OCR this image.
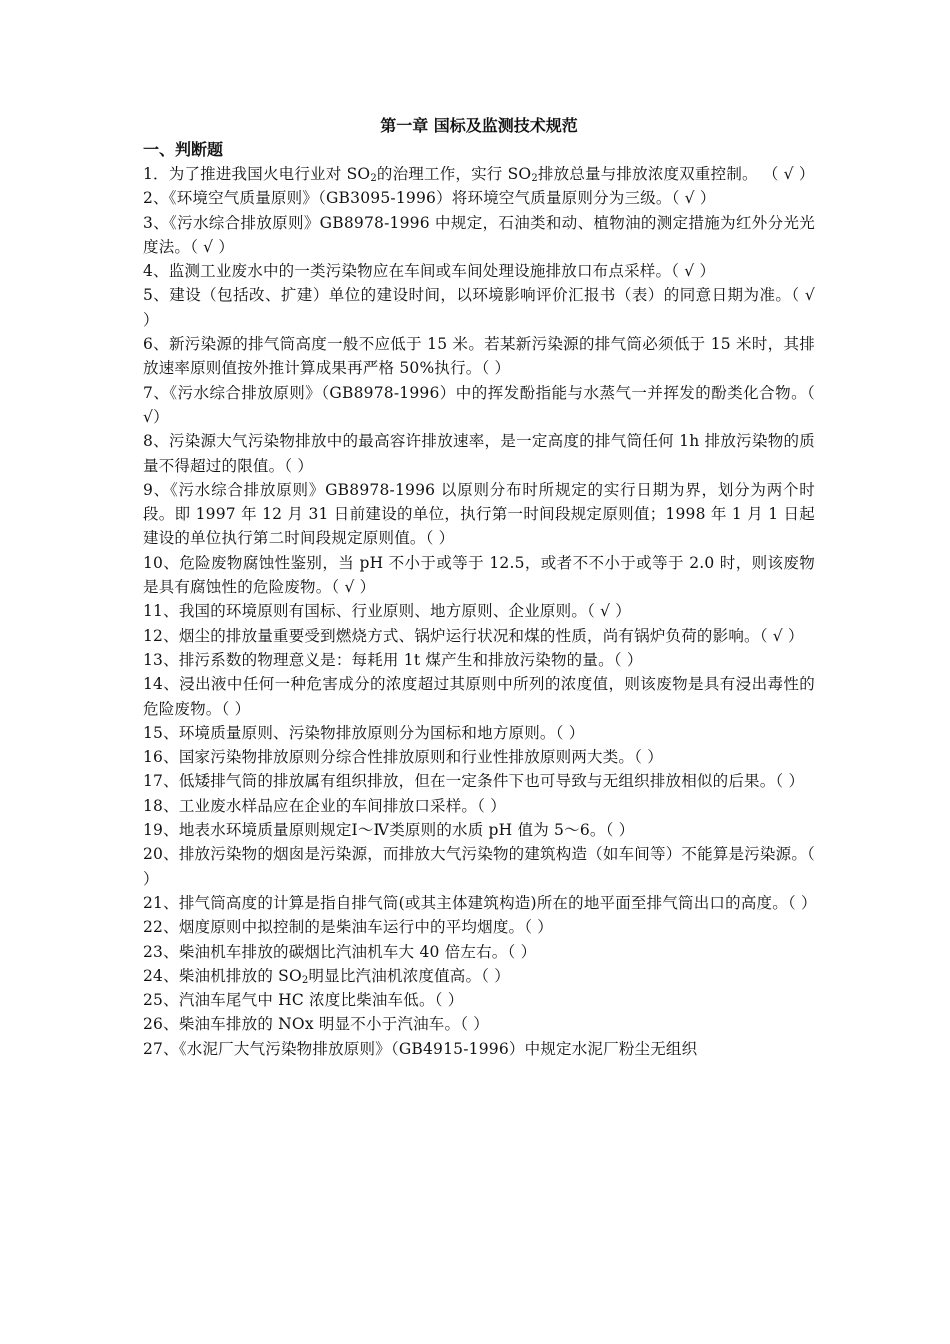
第一章 国标及监测技术规范
一、判断题

1．为了推进我国火电行业对 $SO_2$的治理工作，实行 $SO_2$排放总量与排放浓度双重控制。 （ √ ）

2、《环境空气质量原则》（GB3095-1996）将环境空气质量原则分为三级。（ √ ）

3、《污水综合排放原则》GB8978-1996 中规定，石油类和动、植物油的测定措施为红外分光光度法。（ √ ）

4、监测工业废水中的一类污染物应在车间或车间处理设施排放口布点采样。（ √ ）

5、建设（包括改、扩建）单位的建设时间，以环境影响评价汇报书（表）的同意日期为准。（ √ ）

6、新污染源的排气筒高度一般不应低于 15 米。若某新污染源的排气筒必须低于 15 米时，其排放速率原则值按外推计算成果再严格 50%执行。（ ）

7、《污水综合排放原则》（GB8978-1996）中的挥发酚指能与水蒸气一并挥发的酚类化合物。（ √）

8、污染源大气污染物排放中的最高容许排放速率，是一定高度的排气筒任何 1h 排放污染物的质量不得超过的限值。（ ）

9、《污水综合排放原则》GB8978-1996 以原则分布时所规定的实行日期为界，划分为两个时段。即 1997 年 12 月 31 日前建设的单位，执行第一时间段规定原则值；1998 年 1 月 1 日起建设的单位执行第二时间段规定原则值。（ ）

10、危险废物腐蚀性鉴别，当 pH 不小于或等于 12.5，或者不不小于或等于 2.0 时，则该废物是具有腐蚀性的危险废物。（ √ ）

11、我国的环境原则有国标、行业原则、地方原则、企业原则。（ √ ）

12、烟尘的排放量重要受到燃烧方式、锅炉运行状况和煤的性质，尚有锅炉负荷的影响。（ √ ）

13、排污系数的物理意义是：每耗用 1t 煤产生和排放污染物的量。（ ）

14、浸出液中任何一种危害成分的浓度超过其原则中所列的浓度值，则该废物是具有浸出毒性的危险废物。（ ）

15、环境质量原则、污染物排放原则分为国标和地方原则。（ ）

16、国家污染物排放原则分综合性排放原则和行业性排放原则两大类。（ ）

17、低矮排气筒的排放属有组织排放，但在一定条件下也可导致与无组织排放相似的后果。（ ）

18、工业废水样品应在企业的车间排放口采样。（ ）

19、地表水环境质量原则规定Ⅰ～Ⅳ类原则的水质 pH 值为 5～6。（ ）

20、排放污染物的烟囱是污染源，而排放大气污染物的建筑构造（如车间等）不能算是污染源。（ ）

21、排气筒高度的计算是指自排气筒(或其主体建筑构造)所在的地平面至排气筒出口的高度。（ ）

22、烟度原则中拟控制的是柴油车运行中的平均烟度。（ ）

23、柴油机车排放的碳烟比汽油机车大 40 倍左右。（ ）

24、柴油机排放的 $SO_2$明显比汽油机浓度值高。（ ）

25、汽油车尾气中 HC 浓度比柴油车低。（ ）

26、柴油车排放的 NOx 明显不小于汽油车。（ ）

27、《水泥厂大气污染物排放原则》（GB4915-1996）中规定水泥厂粉尘无组织
